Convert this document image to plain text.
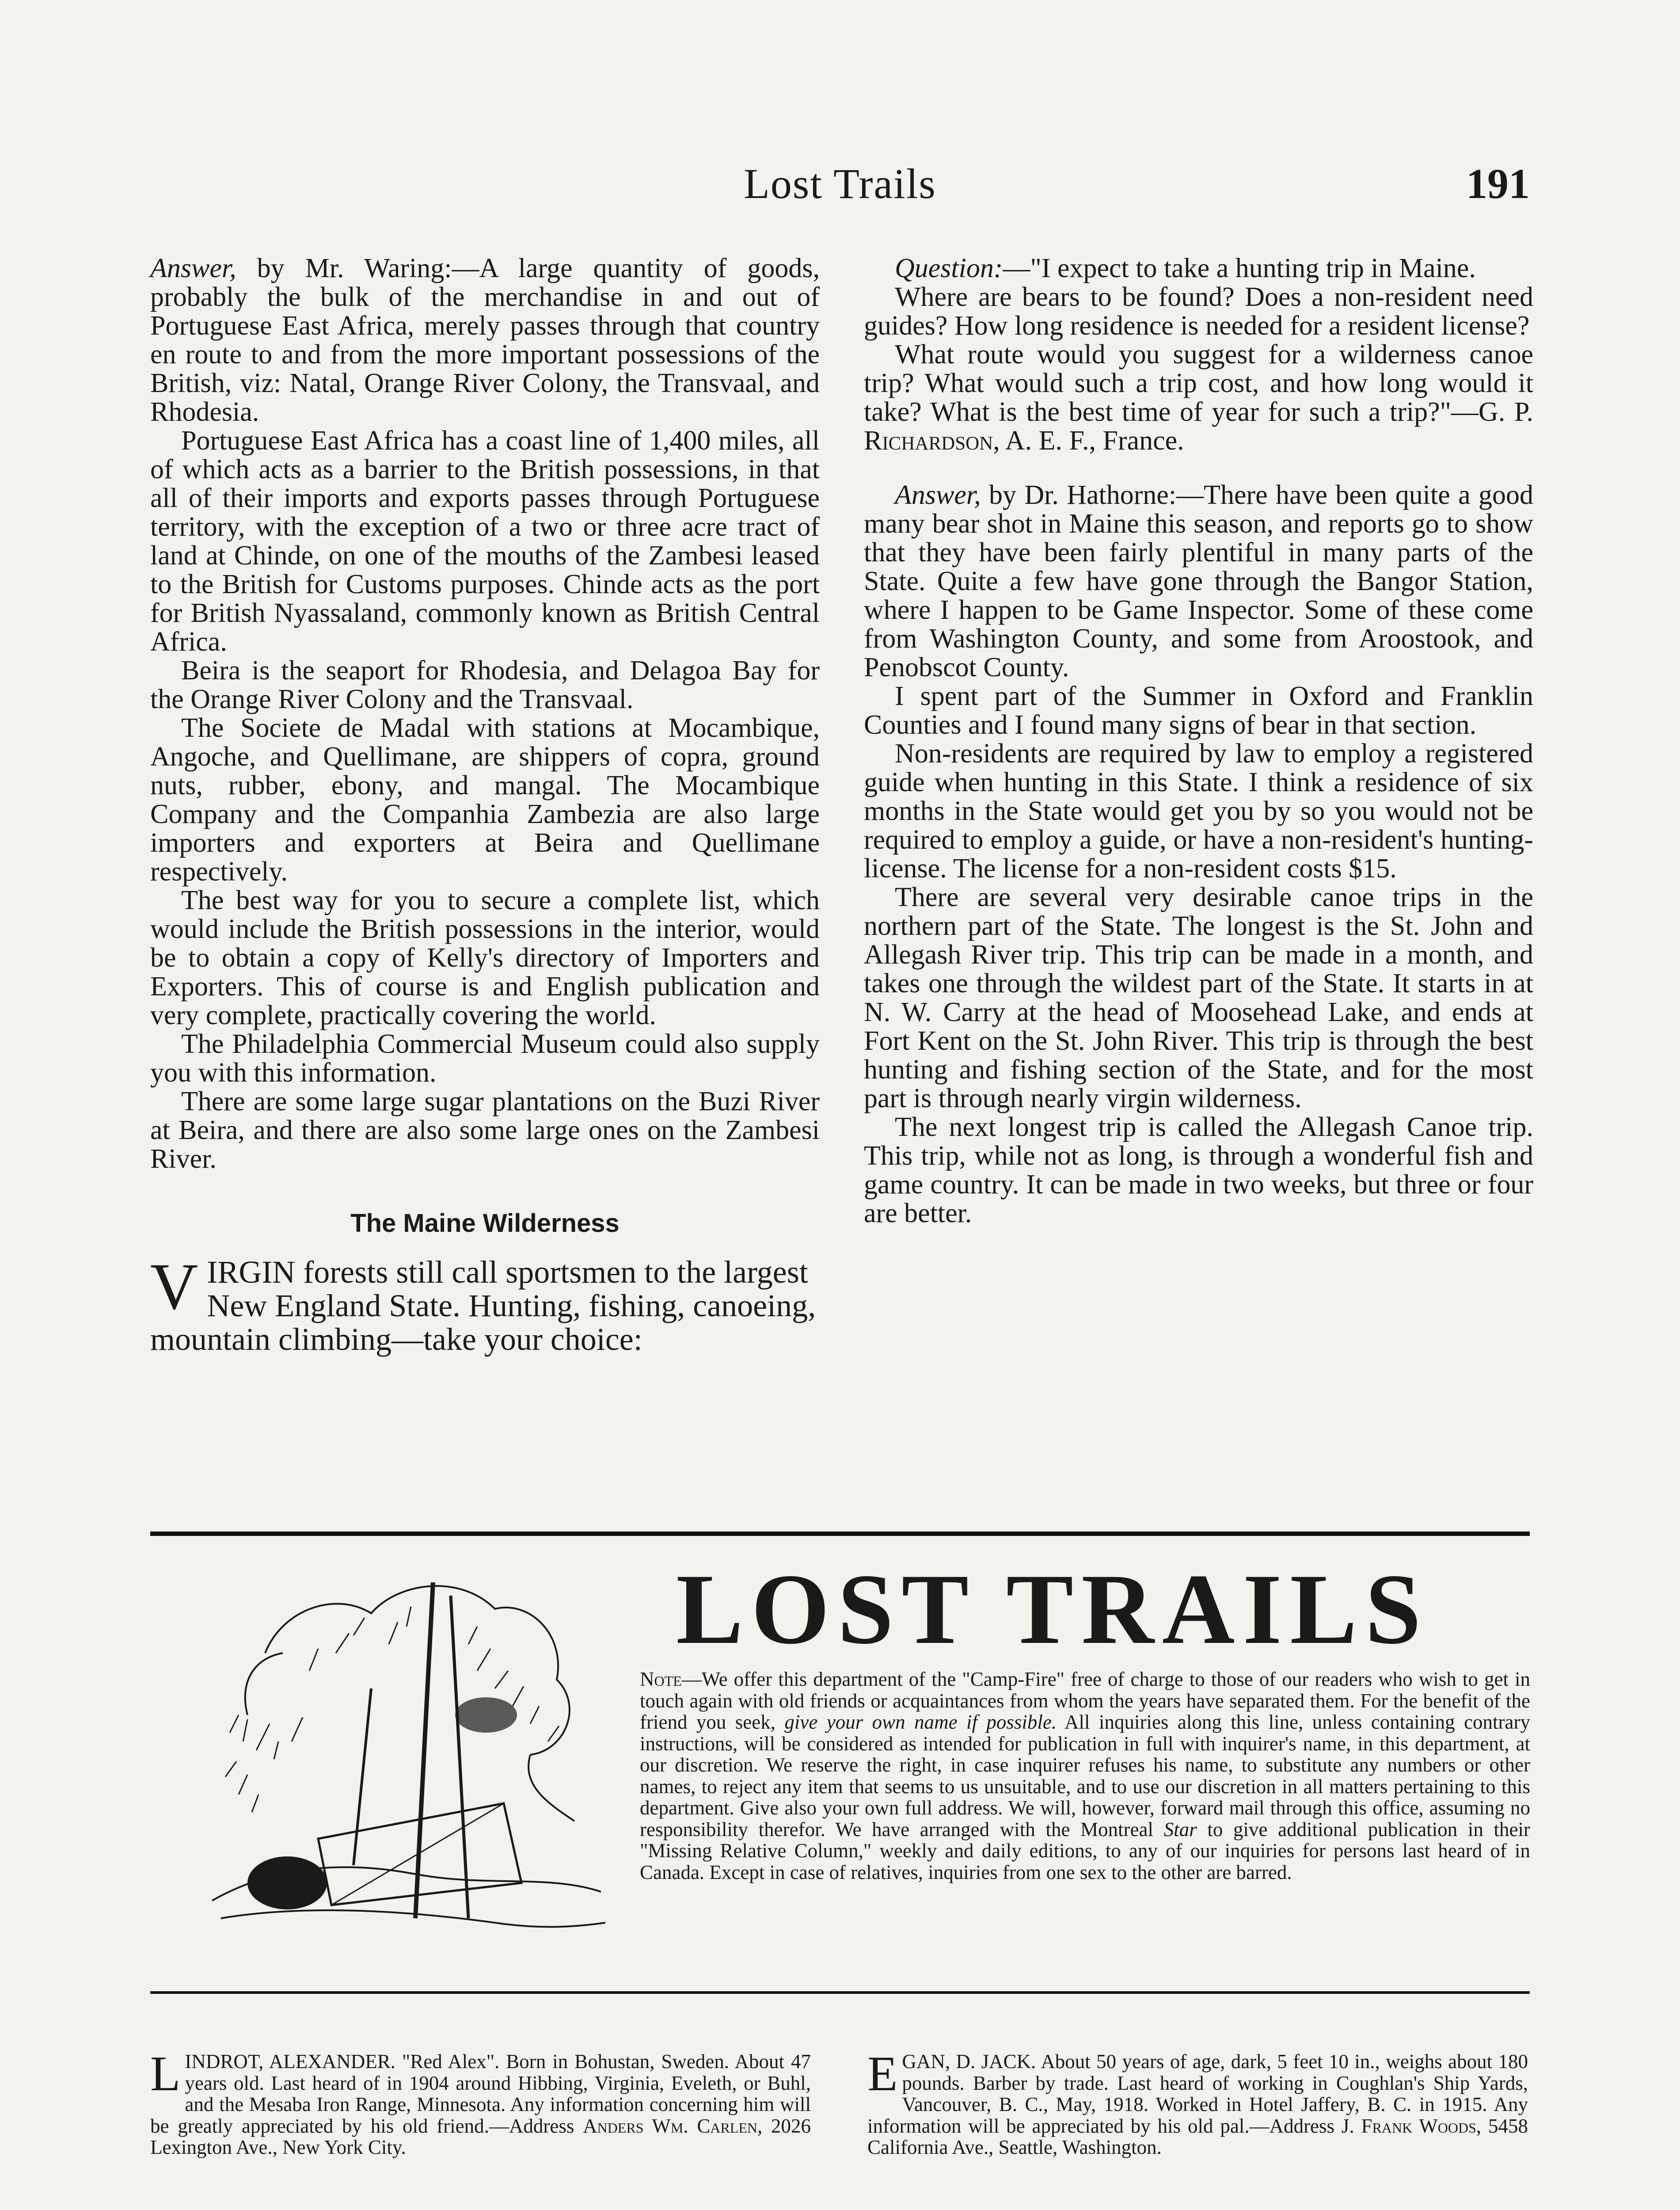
Lost Trails	191

Answer, by Mr. Waring:—A large quantity of goods, probably the bulk of the merchandise in and out of Portuguese East Africa, merely passes through that country en route to and from the more important possessions of the British, viz: Natal, Orange River Colony, the Transvaal, and Rhodesia.

Portuguese East Africa has a coast line of 1,400 miles, all of which acts as a barrier to the British possessions, in that all of their imports and exports passes through Portuguese territory, with the exception of a two or three acre tract of land at Chinde, on one of the mouths of the Zambesi leased to the British for Customs purposes. Chinde acts as the port for British Nyassaland, commonly known as British Central Africa.

Beira is the seaport for Rhodesia, and Delagoa Bay for the Orange River Colony and the Transvaal.

The Societe de Madal with stations at Mocambique, Angoche, and Quellimane, are shippers of copra, ground nuts, rubber, ebony, and mangal. The Mocambique Company and the Companhia Zambezia are also large importers and exporters at Beira and Quellimane respectively.

The best way for you to secure a complete list, which would include the British possessions in the interior, would be to obtain a copy of Kelly's directory of Importers and Exporters. This of course is and English publication and very complete, practically covering the world.

The Philadelphia Commercial Museum could also supply you with this information.

There are some large sugar plantations on the Buzi River at Beira, and there are also some large ones on the Zambesi River.

The Maine Wilderness

VIRGIN forests still call sportsmen to the largest New England State. Hunting, fishing, canoeing, mountain climbing—take your choice:

Question:—"I expect to take a hunting trip in Maine.

Where are bears to be found? Does a non-resident need guides? How long residence is needed for a resident license?

What route would you suggest for a wilderness canoe trip? What would such a trip cost, and how long would it take? What is the best time of year for such a trip?"—G. P. Richardson, A. E. F., France.

Answer, by Dr. Hathorne:—There have been quite a good many bear shot in Maine this season, and reports go to show that they have been fairly plentiful in many parts of the State. Quite a few have gone through the Bangor Station, where I happen to be Game Inspector. Some of these come from Washington County, and some from Aroostook, and Penobscot County.

I spent part of the Summer in Oxford and Franklin Counties and I found many signs of bear in that section.

Non-residents are required by law to employ a registered guide when hunting in this State. I think a residence of six months in the State would get you by so you would not be required to employ a guide, or have a non-resident's hunting-license. The license for a non-resident costs $15.

There are several very desirable canoe trips in the northern part of the State. The longest is the St. John and Allegash River trip. This trip can be made in a month, and takes one through the wildest part of the State. It starts in at N. W. Carry at the head of Moosehead Lake, and ends at Fort Kent on the St. John River. This trip is through the best hunting and fishing section of the State, and for the most part is through nearly virgin wilderness.

The next longest trip is called the Allegash Canoe trip. This trip, while not as long, is through a wonderful fish and game country. It can be made in two weeks, but three or four are better.

LOST TRAILS
Note—We offer this department of the "Camp-Fire" free of charge to those of our readers who wish to get in touch again with old friends or acquaintances from whom the years have separated them. For the benefit of the friend you seek, give your own name if possible. All inquiries along this line, unless containing contrary instructions, will be considered as intended for publication in full with inquirer's name, in this department, at our discretion. We reserve the right, in case inquirer refuses his name, to substitute any numbers or other names, to reject any item that seems to us unsuitable, and to use our discretion in all matters pertaining to this department. Give also your own full address. We will, however, forward mail through this office, assuming no responsibility therefor. We have arranged with the Montreal Star to give additional publication in their "Missing Relative Column," weekly and daily editions, to any of our inquiries for persons last heard of in Canada. Except in case of relatives, inquiries from one sex to the other are barred.
LINDROT, ALEXANDER. "Red Alex". Born in Bohustan, Sweden. About 47 years old. Last heard of in 1904 around Hibbing, Virginia, Eveleth, or Buhl, and the Mesaba Iron Range, Minnesota. Any information concerning him will be greatly appreciated by his old friend.—Address Anders Wm. Carlen, 2026 Lexington Ave., New York City.
EGAN, D. JACK. About 50 years of age, dark, 5 feet 10 in., weighs about 180 pounds. Barber by trade. Last heard of working in Coughlan's Ship Yards, Vancouver, B. C., May, 1918. Worked in Hotel Jaffery, B. C. in 1915. Any information will be appreciated by his old pal.—Address J. Frank Woods, 5458 California Ave., Seattle, Washington.
